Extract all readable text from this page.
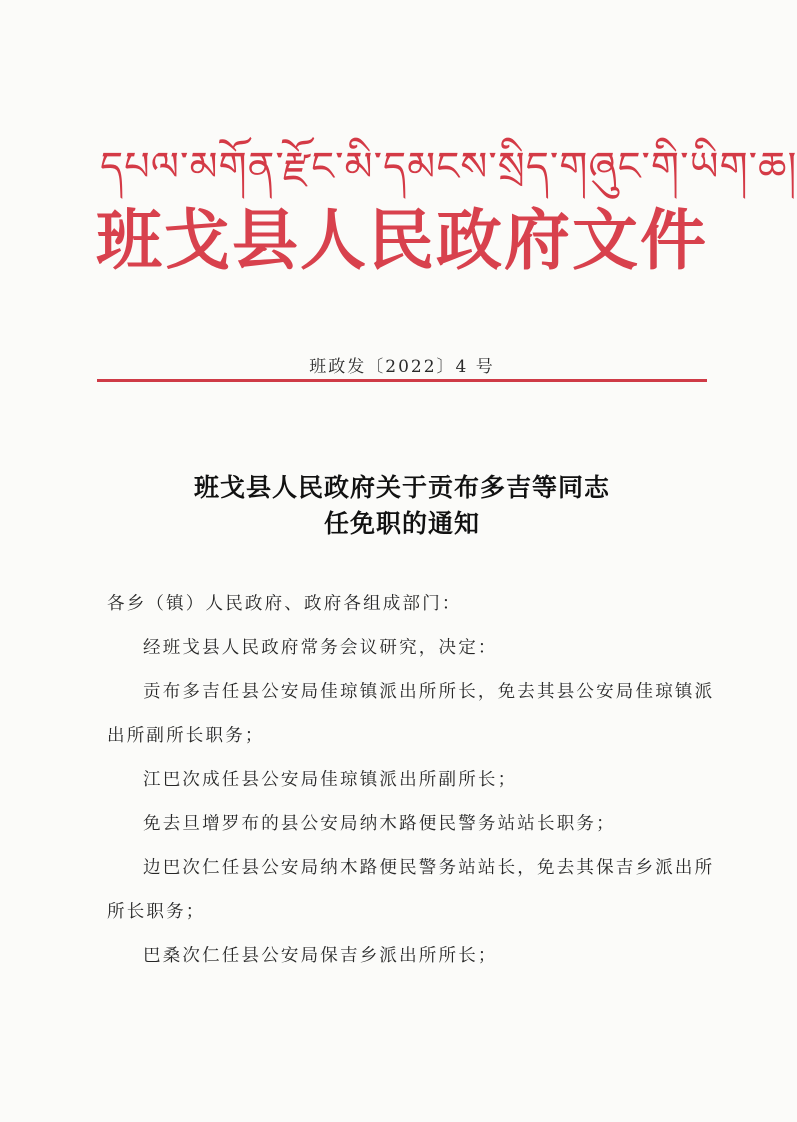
དཔལ་མགོན་རྫོང་མི་དམངས་སྲིད་གཞུང་གི་ཡིག་ཆ།
班戈县人民政府文件
班政发〔2022〕4 号
班戈县人民政府关于贡布多吉等同志
任免职的通知

各乡（镇）人民政府、政府各组成部门：

经班戈县人民政府常务会议研究，决定：

贡布多吉任县公安局佳琼镇派出所所长，免去其县公安局佳琼镇派出所副所长职务；

江巴次成任县公安局佳琼镇派出所副所长；

免去旦增罗布的县公安局纳木路便民警务站站长职务；

边巴次仁任县公安局纳木路便民警务站站长，免去其保吉乡派出所所长职务；

巴桑次仁任县公安局保吉乡派出所所长；
